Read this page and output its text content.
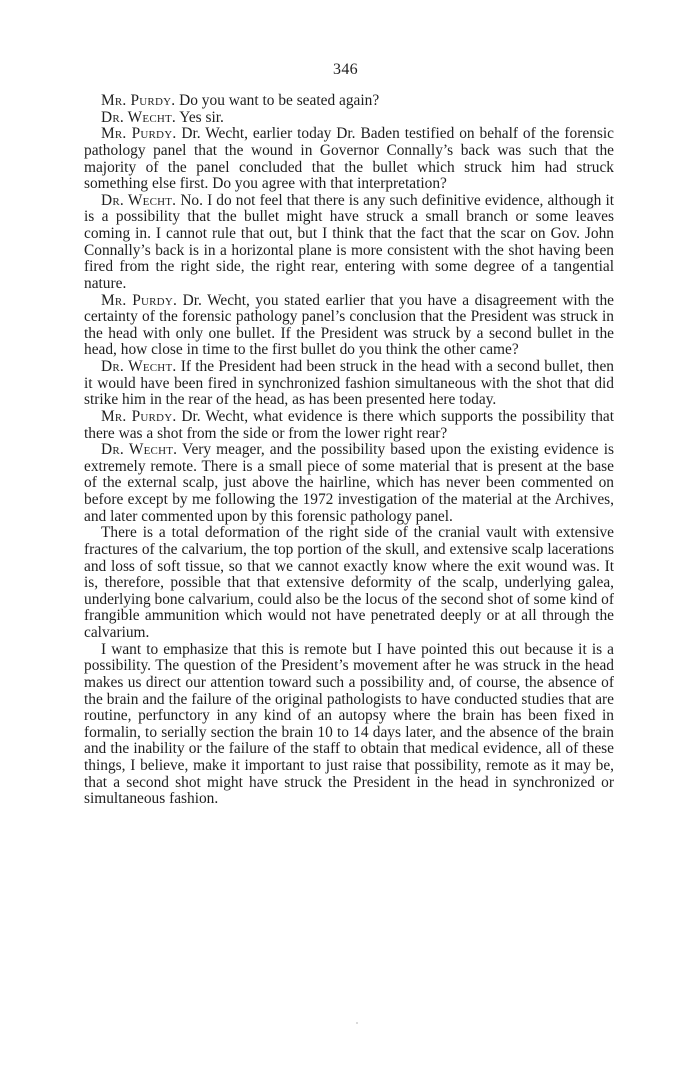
346

Mr. Purdy. Do you want to be seated again?

Dr. Wecht. Yes sir.

Mr. Purdy. Dr. Wecht, earlier today Dr. Baden testified on behalf of the forensic pathology panel that the wound in Governor Connally’s back was such that the majority of the panel concluded that the bullet which struck him had struck something else first. Do you agree with that interpretation?

Dr. Wecht. No. I do not feel that there is any such definitive evidence, although it is a possibility that the bullet might have struck a small branch or some leaves coming in. I cannot rule that out, but I think that the fact that the scar on Gov. John Connally’s back is in a horizontal plane is more consistent with the shot having been fired from the right side, the right rear, entering with some degree of a tangential nature.

Mr. Purdy. Dr. Wecht, you stated earlier that you have a disagreement with the certainty of the forensic pathology panel’s conclusion that the President was struck in the head with only one bullet. If the President was struck by a second bullet in the head, how close in time to the first bullet do you think the other came?

Dr. Wecht. If the President had been struck in the head with a second bullet, then it would have been fired in synchronized fashion simultaneous with the shot that did strike him in the rear of the head, as has been presented here today.

Mr. Purdy. Dr. Wecht, what evidence is there which supports the possibility that there was a shot from the side or from the lower right rear?

Dr. Wecht. Very meager, and the possibility based upon the existing evidence is extremely remote. There is a small piece of some material that is present at the base of the external scalp, just above the hairline, which has never been commented on before except by me following the 1972 investigation of the material at the Archives, and later commented upon by this forensic pathology panel.

There is a total deformation of the right side of the cranial vault with extensive fractures of the calvarium, the top portion of the skull, and extensive scalp lacerations and loss of soft tissue, so that we cannot exactly know where the exit wound was. It is, therefore, possible that that extensive deformity of the scalp, underlying galea, underlying bone calvarium, could also be the locus of the second shot of some kind of frangible ammunition which would not have penetrated deeply or at all through the calvarium.

I want to emphasize that this is remote but I have pointed this out because it is a possibility. The question of the President’s movement after he was struck in the head makes us direct our attention toward such a possibility and, of course, the absence of the brain and the failure of the original pathologists to have conducted studies that are routine, perfunctory in any kind of an autopsy where the brain has been fixed in formalin, to serially section the brain 10 to 14 days later, and the absence of the brain and the inability or the failure of the staff to obtain that medical evidence, all of these things, I believe, make it important to just raise that possibility, remote as it may be, that a second shot might have struck the President in the head in synchronized or simultaneous fashion.
